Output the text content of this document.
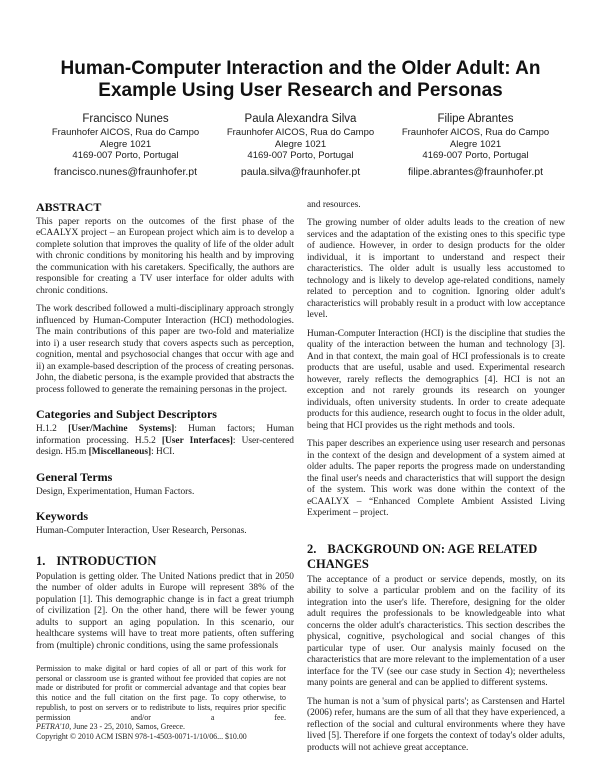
Human-Computer Interaction and the Older Adult: An Example Using User Research and Personas
Francisco Nunes
Fraunhofer AICOS, Rua do Campo
Alegre 1021
4169-007 Porto, Portugal
francisco.nunes@fraunhofer.pt
Paula Alexandra Silva
Fraunhofer AICOS, Rua do Campo
Alegre 1021
4169-007 Porto, Portugal
paula.silva@fraunhofer.pt
Filipe Abrantes
Fraunhofer AICOS, Rua do Campo
Alegre 1021
4169-007 Porto, Portugal
filipe.abrantes@fraunhofer.pt
ABSTRACT

This paper reports on the outcomes of the first phase of the eCAALYX project – an European project which aim is to develop a complete solution that improves the quality of life of the older adult with chronic conditions by monitoring his health and by improving the communication with his caretakers. Specifically, the authors are responsible for creating a TV user interface for older adults with chronic conditions.

The work described followed a multi-disciplinary approach strongly influenced by Human-Computer Interaction (HCI) methodologies. The main contributions of this paper are two-fold and materialize into i) a user research study that covers aspects such as perception, cognition, mental and psychosocial changes that occur with age and ii) an example-based description of the process of creating personas. John, the diabetic persona, is the example provided that abstracts the process followed to generate the remaining personas in the project.

Categories and Subject Descriptors

H.1.2 [User/Machine Systems]: Human factors; Human information processing. H.5.2 [User Interfaces]: User-centered design. H5.m [Miscellaneous]: HCI.

General Terms

Design, Experimentation, Human Factors.

Keywords

Human-Computer Interaction, User Research, Personas.

1. INTRODUCTION

Population is getting older. The United Nations predict that in 2050 the number of older adults in Europe will represent 38% of the population [1]. This demographic change is in fact a great triumph of civilization [2]. On the other hand, there will be fewer young adults to support an aging population. In this scenario, our healthcare systems will have to treat more patients, often suffering from (multiple) chronic conditions, using the same professionals

Permission to make digital or hard copies of all or part of this work for personal or classroom use is granted without fee provided that copies are not made or distributed for profit or commercial advantage and that copies bear this notice and the full citation on the first page. To copy otherwise, to republish, to post on servers or to redistribute to lists, requires prior specific permission and/or a fee.
PETRA'10, June 23 - 25, 2010, Samos, Greece.
Copyright © 2010 ACM ISBN 978-1-4503-0071-1/10/06... $10.00

and resources.

The growing number of older adults leads to the creation of new services and the adaptation of the existing ones to this specific type of audience. However, in order to design products for the older individual, it is important to understand and respect their characteristics. The older adult is usually less accustomed to technology and is likely to develop age-related conditions, namely related to perception and to cognition. Ignoring older adult's characteristics will probably result in a product with low acceptance level.

Human-Computer Interaction (HCI) is the discipline that studies the quality of the interaction between the human and technology [3]. And in that context, the main goal of HCI professionals is to create products that are useful, usable and used. Experimental research however, rarely reflects the demographics [4]. HCI is not an exception and not rarely grounds its research on younger individuals, often university students. In order to create adequate products for this audience, research ought to focus in the older adult, being that HCI provides us the right methods and tools.

This paper describes an experience using user research and personas in the context of the design and development of a system aimed at older adults. The paper reports the progress made on understanding the final user's needs and characteristics that will support the design of the system. This work was done within the context of the eCAALYX – “Enhanced Complete Ambient Assisted Living Experiment – project.

2. BACKGROUND ON: AGE RELATED CHANGES

The acceptance of a product or service depends, mostly, on its ability to solve a particular problem and on the facility of its integration into the user's life. Therefore, designing for the older adult requires the professionals to be knowledgeable into what concerns the older adult's characteristics. This section describes the physical, cognitive, psychological and social changes of this particular type of user. Our analysis mainly focused on the characteristics that are more relevant to the implementation of a user interface for the TV (see our case study in Section 4); nevertheless many points are general and can be applied to different systems.

The human is not a 'sum of physical parts'; as Carstensen and Hartel (2006) refer, humans are the sum of all that they have experienced, a reflection of the social and cultural environments where they have lived [5]. Therefore if one forgets the context of today's older adults, products will not achieve great acceptance.
